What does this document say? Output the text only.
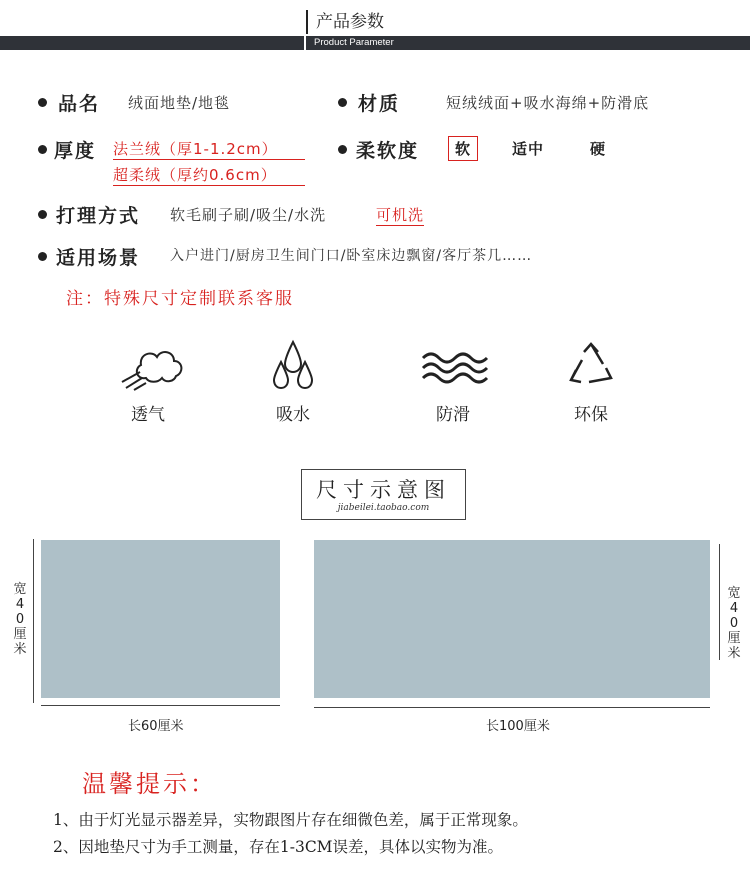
产品参数
Product Parameter
品名 绒面地垫/地毯	材质	短绒绒面+吸水海绵+防滑底
厚度 法兰绒（厚1-1.2cm）
超柔绒（厚约0.6cm）
柔软度	软	适中	硬
打理方式 软毛刷子刷/吸尘/水洗	可机洗
适用场景 入户进门/厨房卫生间门口/卧室床边飘窗/客厅茶几……
注：特殊尺寸定制联系客服
透气	吸水	防滑	环保
尺寸示意图
jiabeilei.taobao.com
宽40厘米
长60厘米	长100厘米
宽40厘米
温馨提示：
1、由于灯光显示器差异，实物跟图片存在细微色差，属于正常现象。
2、因地垫尺寸为手工测量，存在1-3CM误差，具体以实物为准。
